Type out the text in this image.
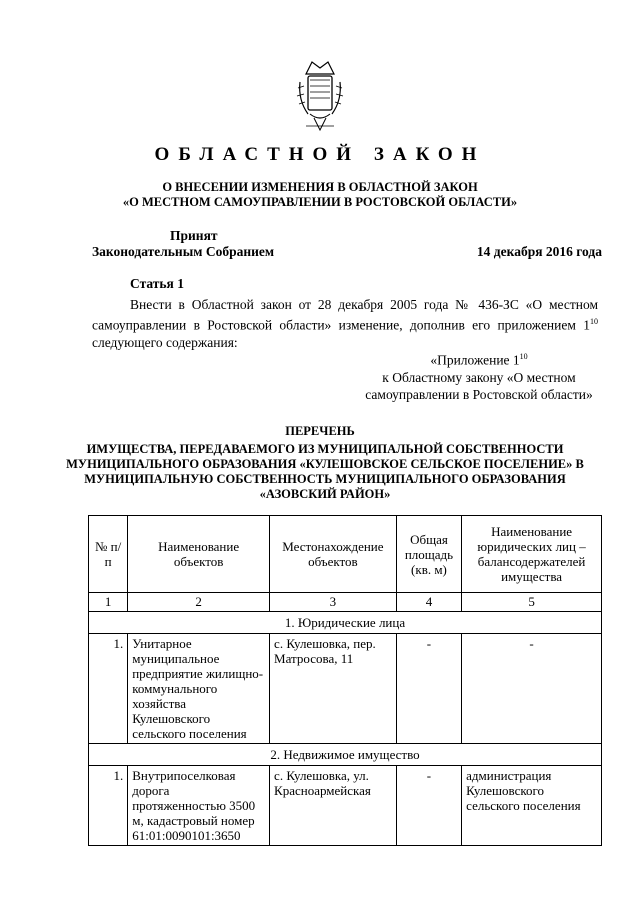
ОБЛАСТНОЙ ЗАКОН
О ВНЕСЕНИИ ИЗМЕНЕНИЯ В ОБЛАСТНОЙ ЗАКОН
«О МЕСТНОМ САМОУПРАВЛЕНИИ В РОСТОВСКОЙ ОБЛАСТИ»
Принят
Законодательным Собранием	14 декабря 2016 года
Статья 1
Внести в Областной закон от 28 декабря 2005 года № 436-ЗС «О местном самоуправлении в Ростовской области» изменение, дополнив его приложением $1^{10}$ следующего содержания:
«Приложение $1^{10}$
к Областному закону «О местном самоуправлении в Ростовской области»
ПЕРЕЧЕНЬ
ИМУЩЕСТВА, ПЕРЕДАВАЕМОГО ИЗ МУНИЦИПАЛЬНОЙ СОБСТВЕННОСТИ МУНИЦИПАЛЬНОГО ОБРАЗОВАНИЯ «КУЛЕШОВСКОЕ СЕЛЬСКОЕ ПОСЕЛЕНИЕ» В МУНИЦИПАЛЬНУЮ СОБСТВЕННОСТЬ МУНИЦИПАЛЬНОГО ОБРАЗОВАНИЯ «АЗОВСКИЙ РАЙОН»
№ п/п	Наименование объектов	Местонахождение объектов	Общая площадь (кв. м)	Наименование юридических лиц – балансодержателей имущества
1	2	3	4	5
1. Юридические лица				
1.	Унитарное муниципальное предприятие жилищно-коммунального хозяйства Кулешовского сельского поселения	с. Кулешовка, пер. Матросова, 11	-	-
2. Недвижимое имущество				
1.	Внутрипоселковая дорога протяженностью 3500 м, кадастровый номер 61:01:0090101:3650	с. Кулешовка, ул. Красноармейская	-	администрация Кулешовского сельского поселения
